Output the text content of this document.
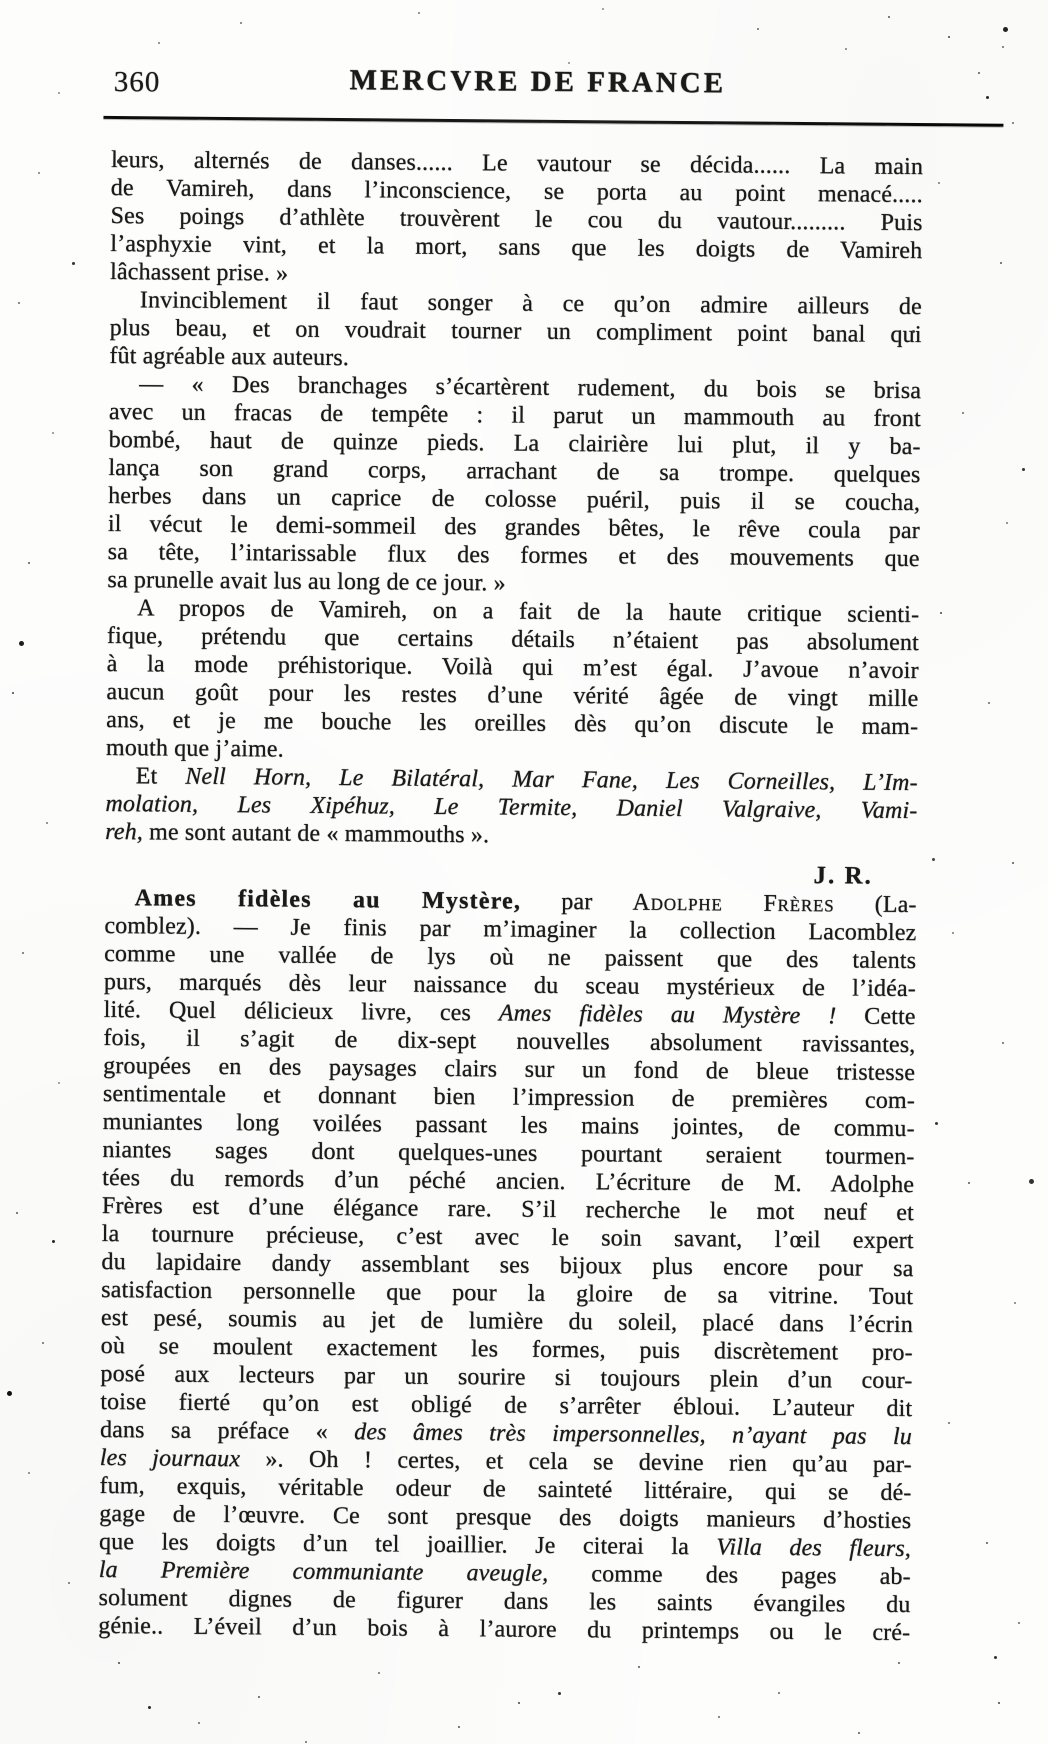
360	MERCVRE DE FRANCE
leurs, alternés de danses...... Le vautour se décida...... La main
de Vamireh, dans l’inconscience, se porta au point menacé.....
Ses poings d’athlète trouvèrent le cou du vautour......... Puis
l’asphyxie vint, et la mort, sans que les doigts de Vamireh
lâchassent prise. »
Invinciblement il faut songer à ce qu’on admire ailleurs de
plus beau, et on voudrait tourner un compliment point banal qui
fût agréable aux auteurs.
— « Des branchages s’écartèrent rudement, du bois se brisa
avec un fracas de tempête : il parut un mammouth au front
bombé, haut de quinze pieds. La clairière lui plut, il y ba-
lança son grand corps, arrachant de sa trompe. quelques
herbes dans un caprice de colosse puéril, puis il se coucha,
il vécut le demi-sommeil des grandes bêtes, le rêve coula par
sa tête, l’intarissable flux des formes et des mouvements que
sa prunelle avait lus au long de ce jour. »
A propos de Vamireh, on a fait de la haute critique scienti-
fique, prétendu que certains détails n’étaient pas absolument
à la mode préhistorique. Voilà qui m’est égal. J’avoue n’avoir
aucun goût pour les restes d’une vérité âgée de vingt mille
ans, et je me bouche les oreilles dès qu’on discute le mam-
mouth que j’aime.
Et Nell Horn, Le Bilatéral, Mar Fane, Les Corneilles, L’Im-
molation, Les Xipéhuz, Le Termite, Daniel Valgraive, Vami-
reh, me sont autant de « mammouths ».
J. R.
Ames fidèles au Mystère, par Adolphe Frères (La-
comblez). — Je finis par m’imaginer la collection Lacomblez
comme une vallée de lys où ne paissent que des talents
purs, marqués dès leur naissance du sceau mystérieux de l’idéa-
lité. Quel délicieux livre, ces Ames fidèles au Mystère ! Cette
fois, il s’agit de dix-sept nouvelles absolument ravissantes,
groupées en des paysages clairs sur un fond de bleue tristesse
sentimentale et donnant bien l’impression de premières com-
muniantes long voilées passant les mains jointes, de commu-
niantes sages dont quelques-unes pourtant seraient tourmen-
tées du remords d’un péché ancien. L’écriture de M. Adolphe
Frères est d’une élégance rare. S’il recherche le mot neuf et
la tournure précieuse, c’est avec le soin savant, l’œil expert
du lapidaire dandy assemblant ses bijoux plus encore pour sa
satisfaction personnelle que pour la gloire de sa vitrine. Tout
est pesé, soumis au jet de lumière du soleil, placé dans l’écrin
où se moulent exactement les formes, puis discrètement pro-
posé aux lecteurs par un sourire si toujours plein d’un cour-
toise fierté qu’on est obligé de s’arrêter ébloui. L’auteur dit
dans sa préface « des âmes très impersonnelles, n’ayant pas lu
les journaux ». Oh ! certes, et cela se devine rien qu’au par-
fum, exquis, véritable odeur de sainteté littéraire, qui se dé-
gage de l’œuvre. Ce sont presque des doigts manieurs d’hosties
que les doigts d’un tel joaillier. Je citerai la Villa des fleurs,
la Première communiante aveugle, comme des pages ab-
solument dignes de figurer dans les saints évangiles du
génie.. L’éveil d’un bois à l’aurore du printemps ou le cré-
